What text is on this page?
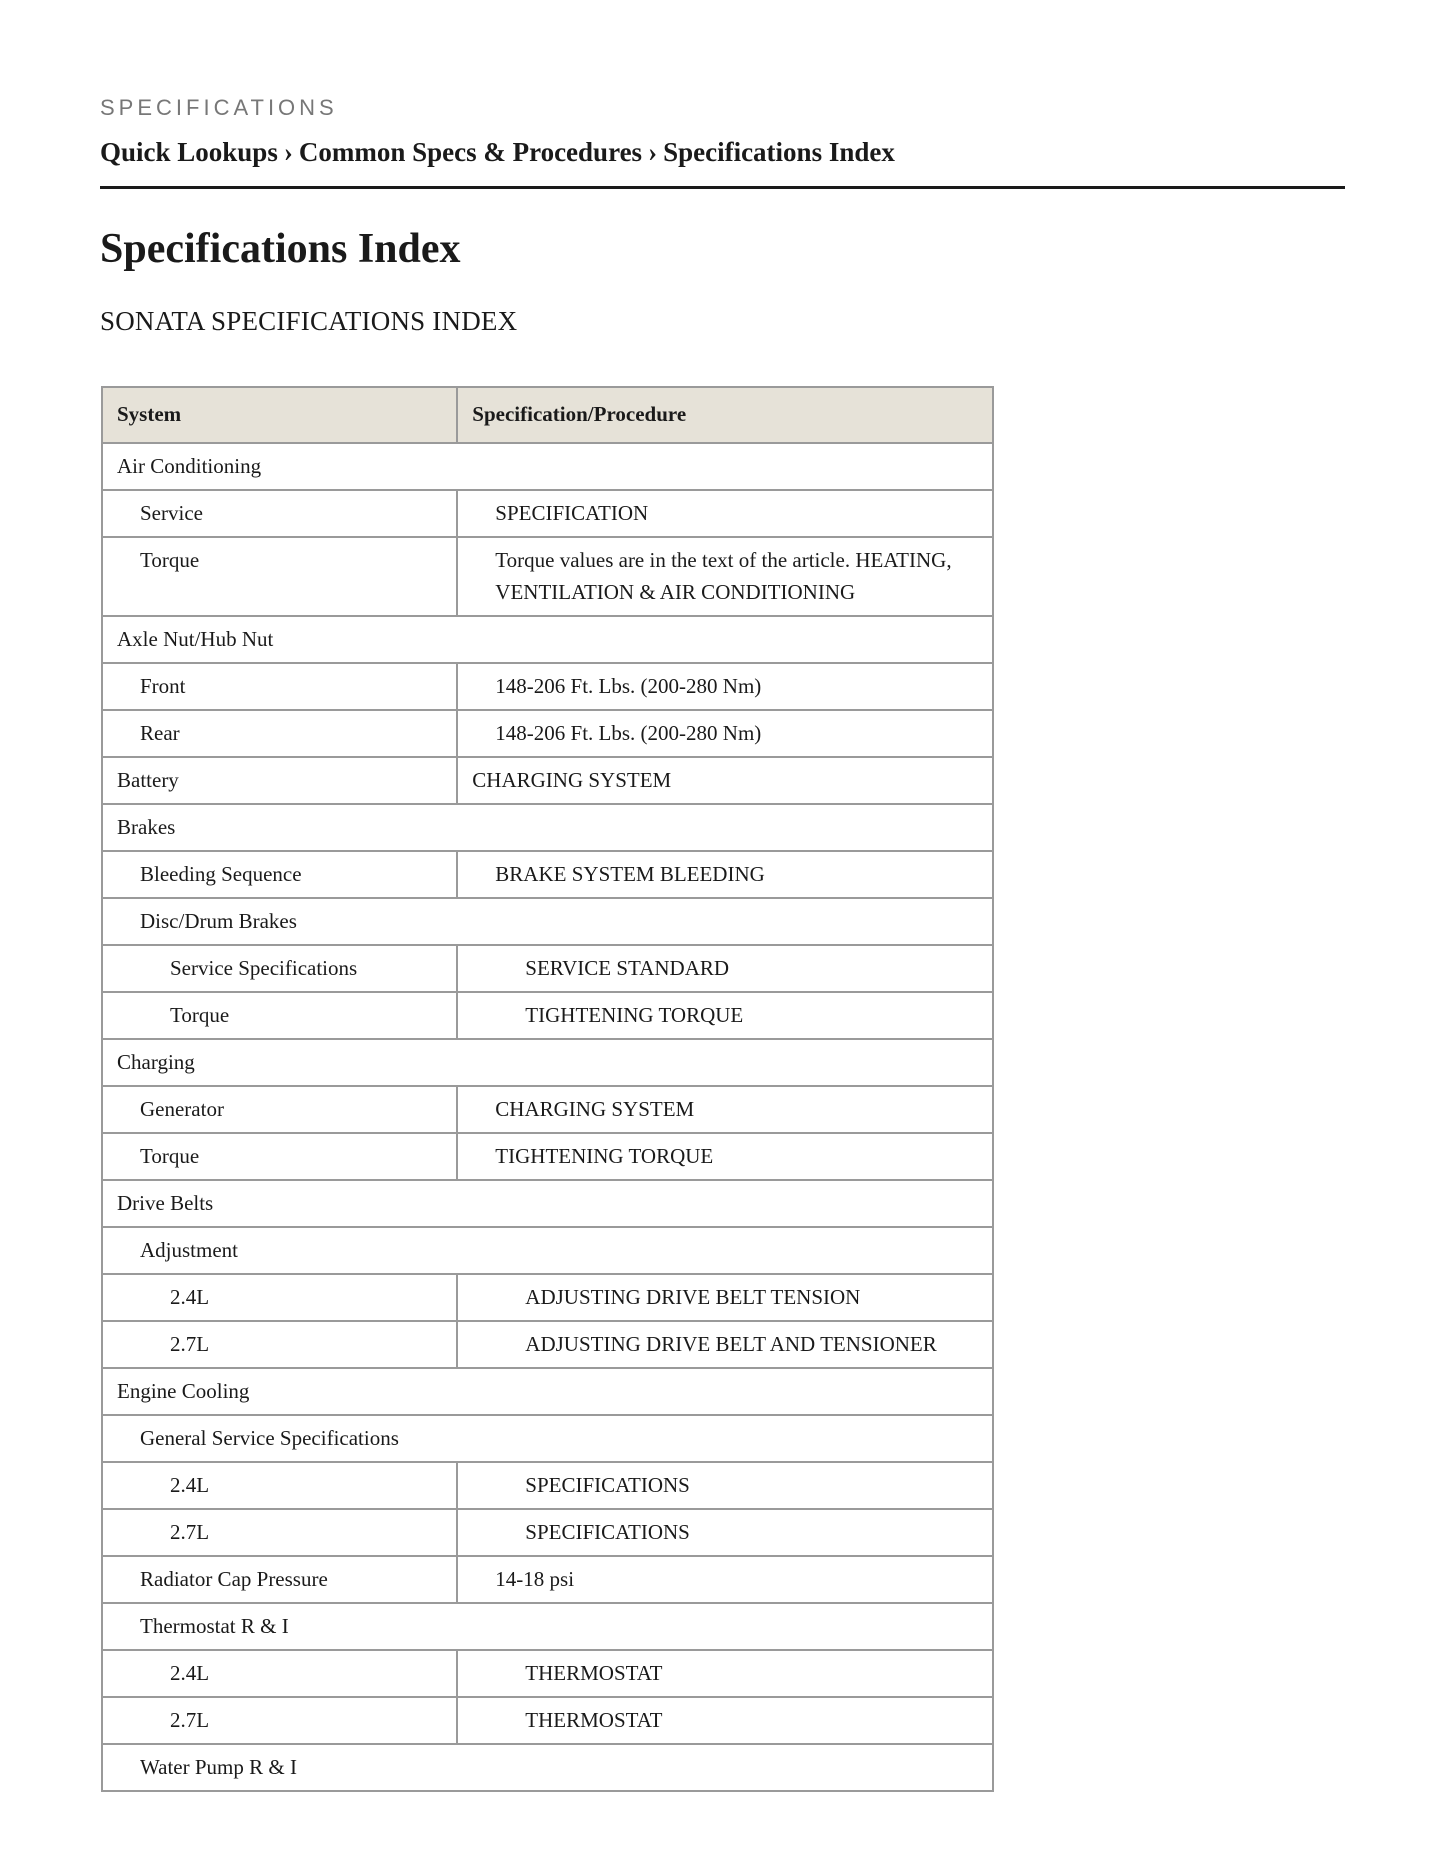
SPECIFICATIONS
Quick Lookups › Common Specs & Procedures › Specifications Index
Specifications Index
SONATA SPECIFICATIONS INDEX
System	Specification/Procedure
Air Conditioning	
Service	SPECIFICATION
Torque	Torque values are in the text of the article. HEATING, VENTILATION & AIR CONDITIONING
Axle Nut/Hub Nut	
Front	148-206 Ft. Lbs. (200-280 Nm)
Rear	148-206 Ft. Lbs. (200-280 Nm)
Battery	CHARGING SYSTEM
Brakes	
Bleeding Sequence	BRAKE SYSTEM BLEEDING
Disc/Drum Brakes	
Service Specifications	SERVICE STANDARD
Torque	TIGHTENING TORQUE
Charging	
Generator	CHARGING SYSTEM
Torque	TIGHTENING TORQUE
Drive Belts	
Adjustment	
2.4L	ADJUSTING DRIVE BELT TENSION
2.7L	ADJUSTING DRIVE BELT AND TENSIONER
Engine Cooling	
General Service Specifications	
2.4L	SPECIFICATIONS
2.7L	SPECIFICATIONS
Radiator Cap Pressure	14-18 psi
Thermostat R & I	
2.4L	THERMOSTAT
2.7L	THERMOSTAT
Water Pump R & I	
